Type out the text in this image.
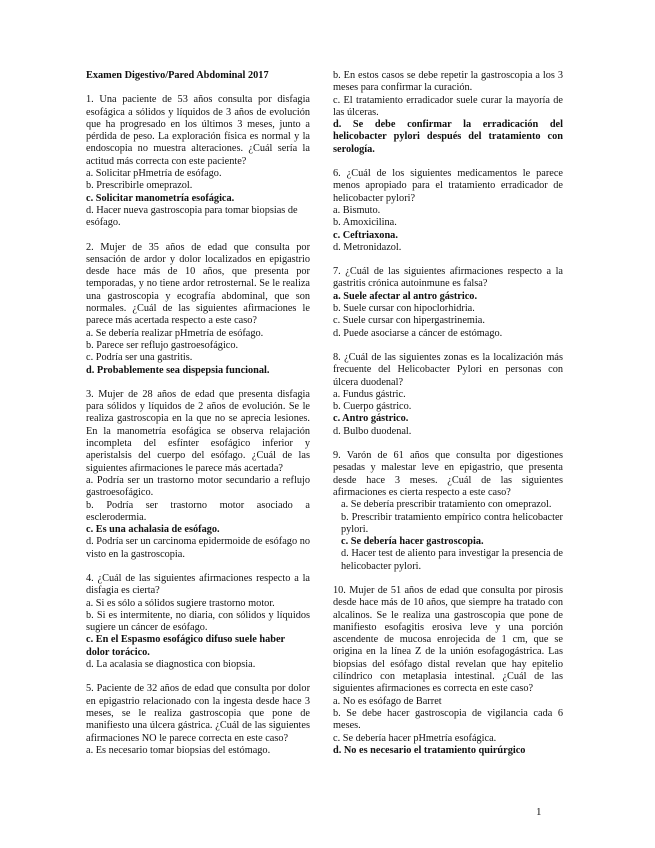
Examen Digestivo/Pared Abdominal 2017
1. Una paciente de 53 años consulta por disfagia esofágica a sólidos y líquidos de 3 años de evolución que ha progresado en los últimos 3 meses, junto a pérdida de peso. La exploración física es normal y la endoscopia no muestra alteraciones. ¿Cuál sería la actitud más correcta con este paciente?
a. Solicitar pHmetría de esófago.
b. Prescribirle omeprazol.
c. Solicitar manometría esofágica.
d. Hacer nueva gastroscopia para tomar biopsias de esófago.
2. Mujer de 35 años de edad que consulta por sensación de ardor y dolor localizados en epigastrio desde hace más de 10 años, que presenta por temporadas, y no tiene ardor retrosternal. Se le realiza una gastroscopia y ecografía abdominal, que son normales. ¿Cuál de las siguientes afirmaciones le parece más acertada respecto a este caso?
a. Se debería realizar pHmetría de esófago.
b. Parece ser reflujo gastroesofágico.
c. Podría ser una gastritis.
d. Probablemente sea dispepsia funcional.
3. Mujer de 28 años de edad que presenta disfagia para sólidos y líquidos de 2 años de evolución. Se le realiza gastroscopia en la que no se aprecia lesiones. En la manometría esofágica se observa relajación incompleta del esfínter esofágico inferior y aperistalsis del cuerpo del esófago. ¿Cuál de las siguientes afirmaciones le parece más acertada?
a. Podría ser un trastorno motor secundario a reflujo gastroesofágico.
b. Podría ser trastorno motor asociado a esclerodermia.
c. Es una achalasia de esófago.
d. Podría ser un carcinoma epidermoide de esófago no visto en la gastroscopia.
4. ¿Cuál de las siguientes afirmaciones respecto a la disfagia es cierta?
a. Si es sólo a sólidos sugiere trastorno motor.
b. Si es intermitente, no diaria, con sólidos y líquidos sugiere un cáncer de esófago.
c. En el Espasmo esofágico difuso suele haber dolor torácico.
d. La acalasia se diagnostica con biopsia.
5. Paciente de 32 años de edad que consulta por dolor en epigastrio relacionado con la ingesta desde hace 3 meses, se le realiza gastroscopia que pone de manifiesto una úlcera gástrica. ¿Cuál de las siguientes afirmaciones NO le parece correcta en este caso?
a. Es necesario tomar biopsias del estómago.
b. En estos casos se debe repetir la gastroscopia a los 3 meses para confirmar la curación.
c. El tratamiento erradicador suele curar la mayoría de las úlceras.
d. Se debe confirmar la erradicación del helicobacter pylori después del tratamiento con serología.
6. ¿Cuál de los siguientes medicamentos le parece menos apropiado para el tratamiento erradicador de helicobacter pylori?
a. Bismuto.
b. Amoxicilina.
c. Ceftriaxona.
d. Metronidazol.
7. ¿Cuál de las siguientes afirmaciones respecto a la gastritis crónica autoinmune es falsa?
a. Suele afectar al antro gástrico.
b. Suele cursar con hipoclorhidria.
c. Suele cursar con hipergastrinemia.
d. Puede asociarse a cáncer de estómago.
8. ¿Cuál de las siguientes zonas es la localización más frecuente del Helicobacter Pylori en personas con úlcera duodenal?
a. Fundus gástric.
b. Cuerpo gástrico.
c. Antro gástrico.
d. Bulbo duodenal.
9. Varón de 61 años que consulta por digestiones pesadas y malestar leve en epigastrio, que presenta desde hace 3 meses. ¿Cuál de las siguientes afirmaciones es cierta respecto a este caso?
a. Se debería prescribir tratamiento con omeprazol.
b. Prescribir tratamiento empírico contra helicobacter pylori.
c. Se debería hacer gastroscopia.
d. Hacer test de aliento para investigar la presencia de helicobacter pylori.
10. Mujer de 51 años de edad que consulta por pirosis desde hace más de 10 años, que siempre ha tratado con alcalinos. Se le realiza una gastroscopia que pone de manifiesto esofagitis erosiva leve y una porción ascendente de mucosa enrojecida de 1 cm, que se origina en la línea Z de la unión esofagogástrica. Las biopsias del esófago distal revelan que hay epitelio cilíndrico con metaplasia intestinal. ¿Cuál de las siguientes afirmaciones es correcta en este caso?
a. No es esófago de Barret
b. Se debe hacer gastroscopia de vigilancia cada 6 meses.
c. Se debería hacer pHmetría esofágica.
d. No es necesario el tratamiento quirúrgico
1
